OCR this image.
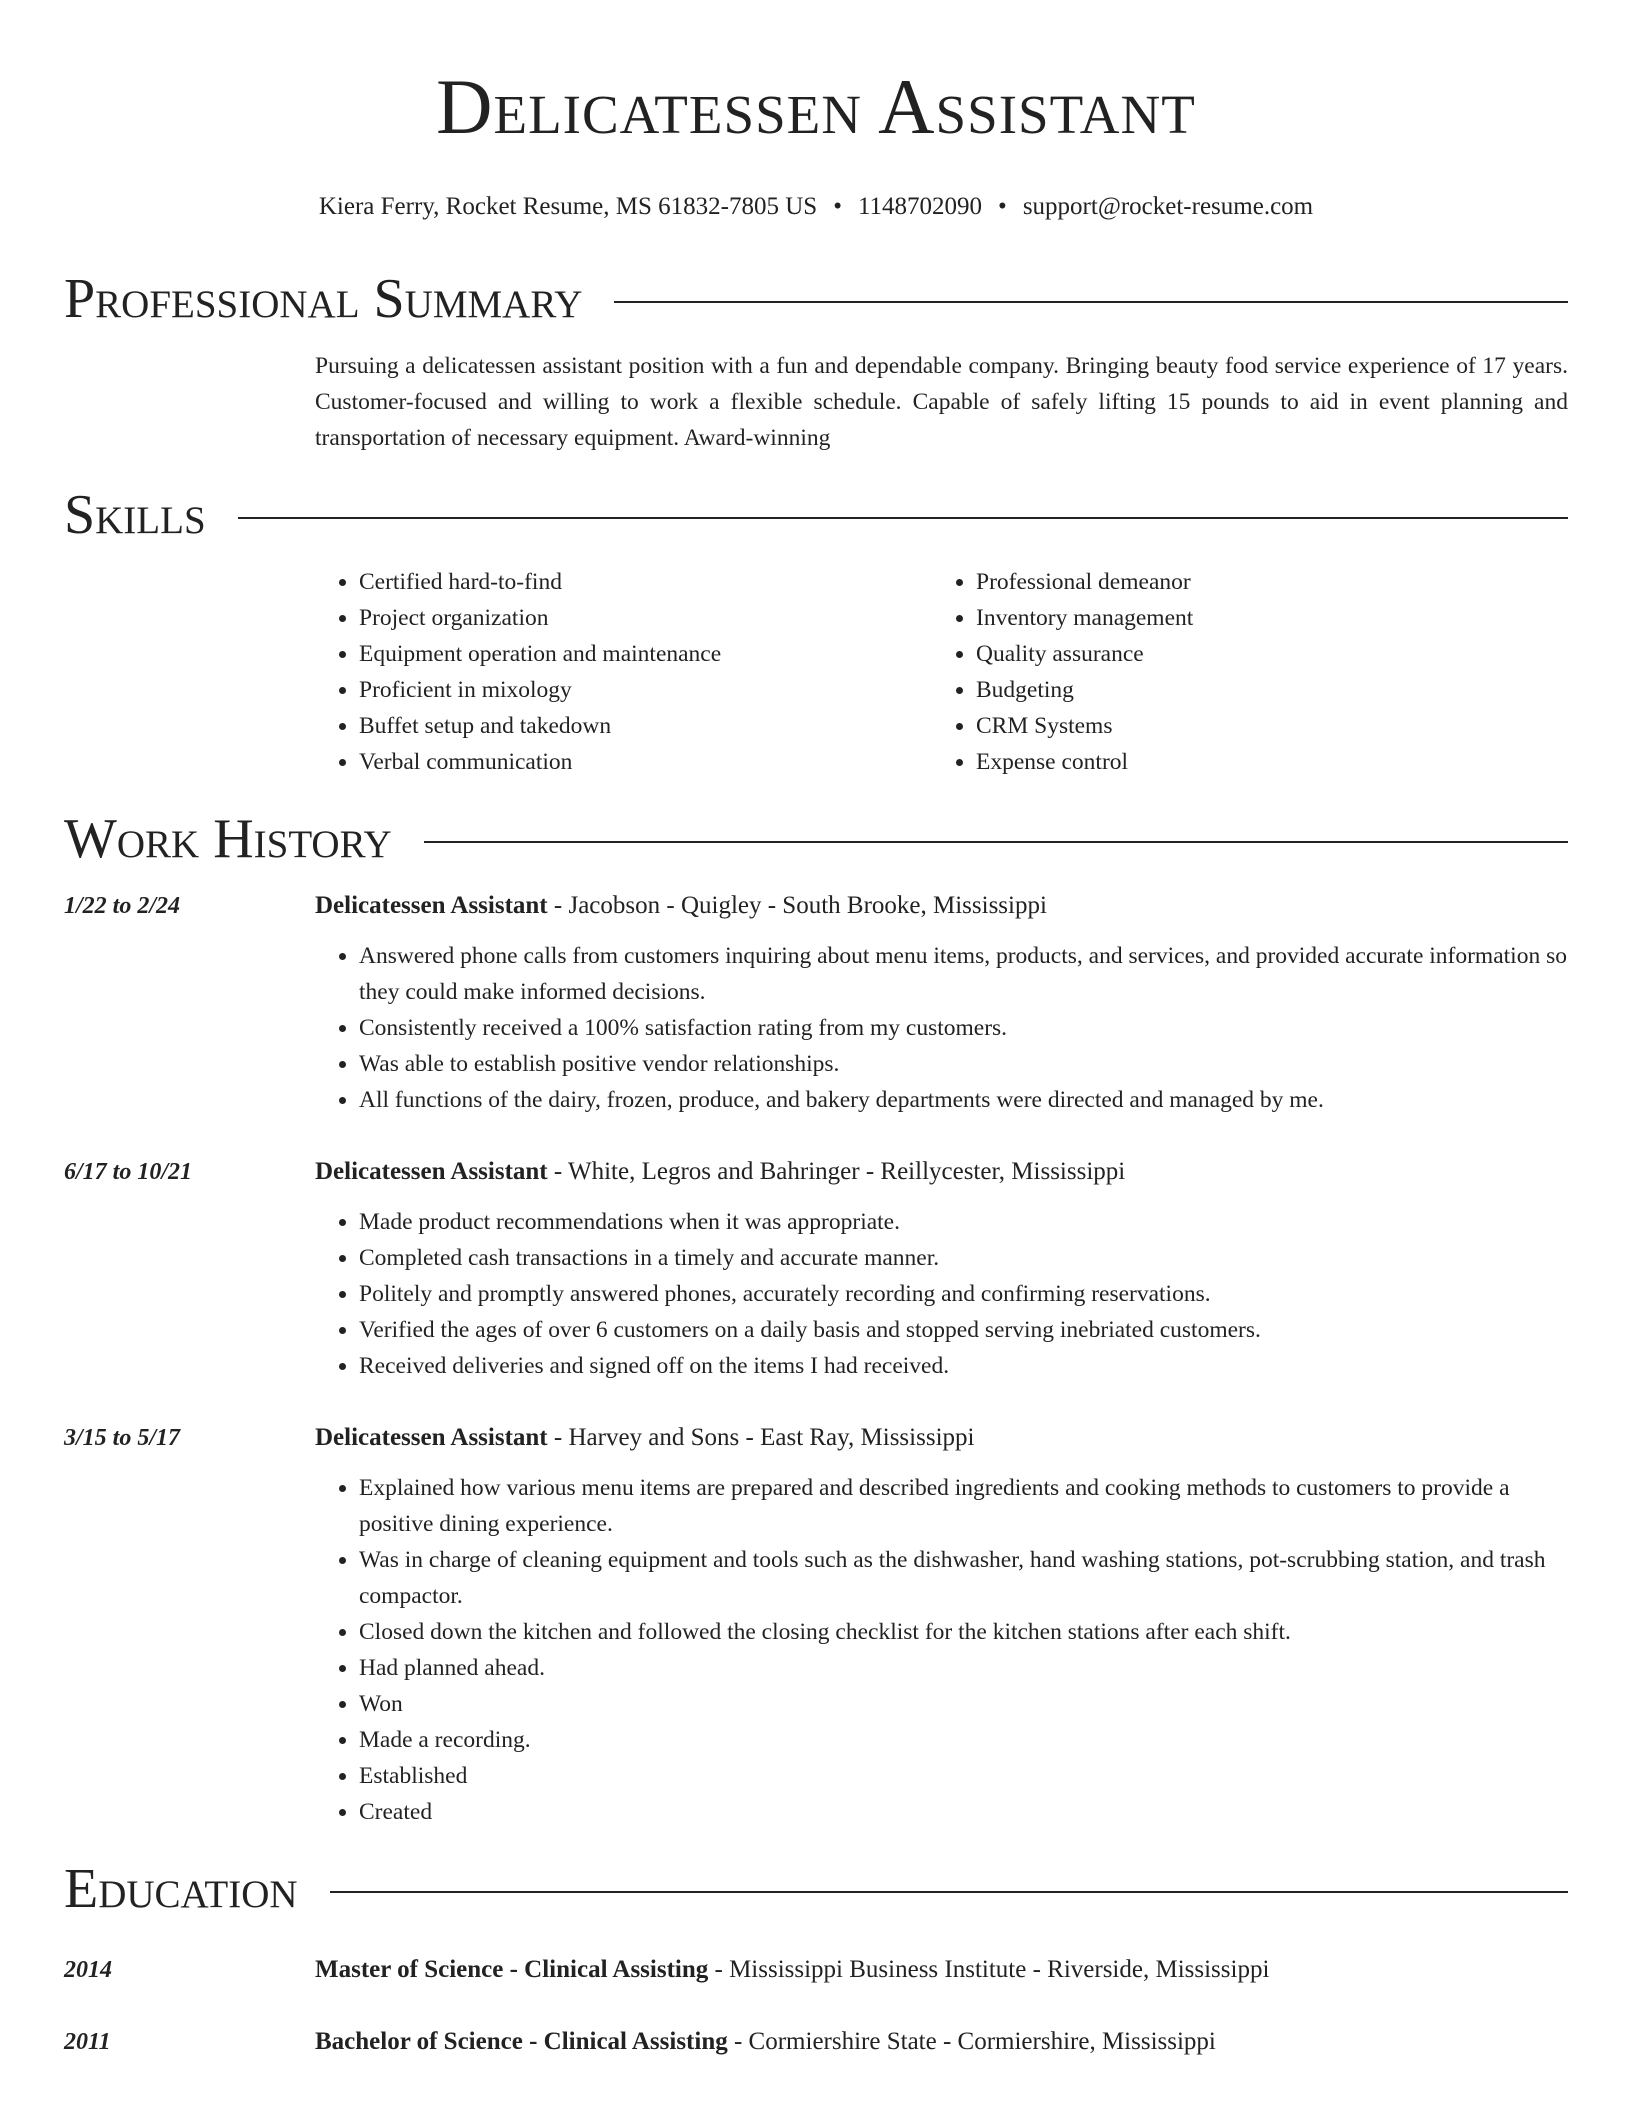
Delicatessen Assistant
Kiera Ferry, Rocket Resume, MS 61832-7805 US • 1148702090 • support@rocket-resume.com
Professional Summary

Pursuing a delicatessen assistant position with a fun and dependable company. Bringing beauty food service experience of 17 years. Customer-focused and willing to work a flexible schedule. Capable of safely lifting 15 pounds to aid in event planning and transportation of necessary equipment. Award-winning

Skills
• Certified hard-to-find
• Project organization
• Equipment operation and maintenance
• Proficient in mixology
• Buffet setup and takedown
• Verbal communication
• Professional demeanor
• Inventory management
• Quality assurance
• Budgeting
• CRM Systems
• Expense control
Work History
1/22 to 2/24	Delicatessen Assistant - Jacobson - Quigley - South Brooke, Mississippi
• Answered phone calls from customers inquiring about menu items, products, and services, and provided accurate information so they could make informed decisions.
• Consistently received a 100% satisfaction rating from my customers.
• Was able to establish positive vendor relationships.
• All functions of the dairy, frozen, produce, and bakery departments were directed and managed by me.
6/17 to 10/21	Delicatessen Assistant - White, Legros and Bahringer - Reillycester, Mississippi
• Made product recommendations when it was appropriate.
• Completed cash transactions in a timely and accurate manner.
• Politely and promptly answered phones, accurately recording and confirming reservations.
• Verified the ages of over 6 customers on a daily basis and stopped serving inebriated customers.
• Received deliveries and signed off on the items I had received.
3/15 to 5/17	Delicatessen Assistant - Harvey and Sons - East Ray, Mississippi
• Explained how various menu items are prepared and described ingredients and cooking methods to customers to provide a positive dining experience.
• Was in charge of cleaning equipment and tools such as the dishwasher, hand washing stations, pot-scrubbing station, and trash compactor.
• Closed down the kitchen and followed the closing checklist for the kitchen stations after each shift.
• Had planned ahead.
• Won
• Made a recording.
• Established
• Created
Education
2014	Master of Science - Clinical Assisting - Mississippi Business Institute - Riverside, Mississippi
2011	Bachelor of Science - Clinical Assisting - Cormiershire State - Cormiershire, Mississippi
